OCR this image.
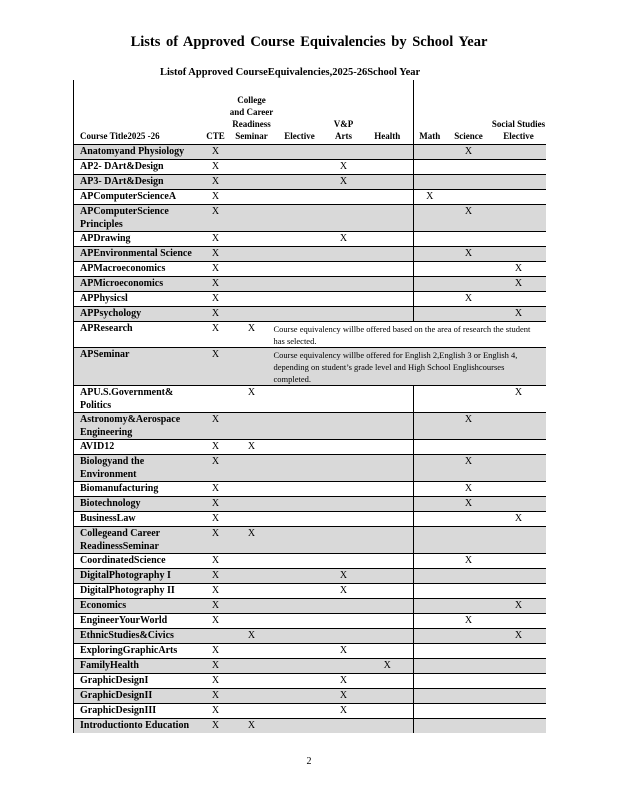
Lists of Approved Course Equivalencies by School Year
Listof Approved CourseEquivalencies,2025-26School Year
Course Title2025 -26	CTE	College and Career Readiness Seminar	Elective	V&P Arts	Health	Math	Science	Social Studies Elective
Anatomyand Physiology	X						X	
AP2- DArt&Design	X			X				
AP3- DArt&Design	X			X				
APComputerScienceA	X					X		
APComputerScience Principles	X						X	
APDrawing	X			X				
APEnvironmental Science	X						X	
APMacroeconomics	X							X
APMicroeconomics	X							X
APPhysicsl	X						X	
APPsychology	X							X
APResearch	X	X	Course equivalency willbe offered based on the area of research the student has selected.					
APSeminar	X		Course equivalency willbe offered for English 2,English 3 or English 4, depending on student’s grade level and High School Englishcourses completed.					
APU.S.Government& Politics		X						X
Astronomy&Aerospace Engineering	X						X	
AVID12	X	X						
Biologyand the Environment	X						X	
Biomanufacturing	X						X	
Biotechnology	X						X	
BusinessLaw	X							X
Collegeand Career ReadinessSeminar	X	X						
CoordinatedScience	X						X	
DigitalPhotography I	X			X				
DigitalPhotography II	X			X				
Economics	X							X
EngineerYourWorld	X						X	
EthnicStudies&Civics		X						X
ExploringGraphicArts	X			X				
FamilyHealth	X				X			
GraphicDesignI	X			X				
GraphicDesignII	X			X				
GraphicDesignIII	X			X				
Introductionto Education	X	X						
2
